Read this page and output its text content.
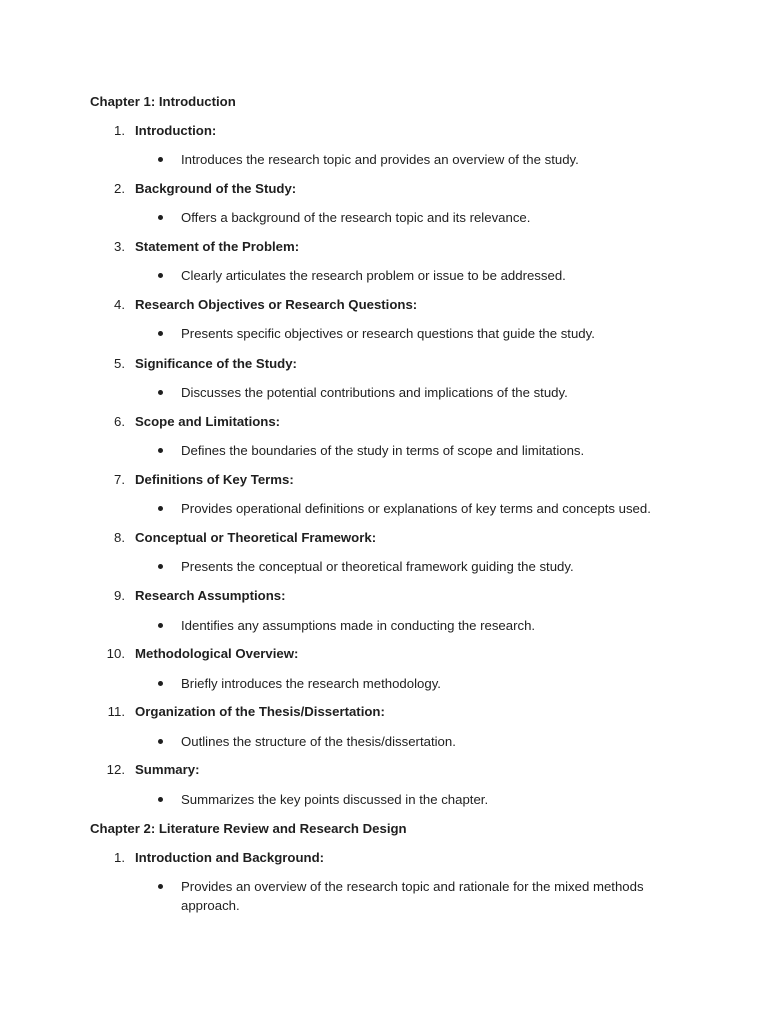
Chapter 1: Introduction
1. Introduction:
Introduces the research topic and provides an overview of the study.
2. Background of the Study:
Offers a background of the research topic and its relevance.
3. Statement of the Problem:
Clearly articulates the research problem or issue to be addressed.
4. Research Objectives or Research Questions:
Presents specific objectives or research questions that guide the study.
5. Significance of the Study:
Discusses the potential contributions and implications of the study.
6. Scope and Limitations:
Defines the boundaries of the study in terms of scope and limitations.
7. Definitions of Key Terms:
Provides operational definitions or explanations of key terms and concepts used.
8. Conceptual or Theoretical Framework:
Presents the conceptual or theoretical framework guiding the study.
9. Research Assumptions:
Identifies any assumptions made in conducting the research.
10. Methodological Overview:
Briefly introduces the research methodology.
11. Organization of the Thesis/Dissertation:
Outlines the structure of the thesis/dissertation.
12. Summary:
Summarizes the key points discussed in the chapter.
Chapter 2: Literature Review and Research Design
1. Introduction and Background:
Provides an overview of the research topic and rationale for the mixed methods approach.
